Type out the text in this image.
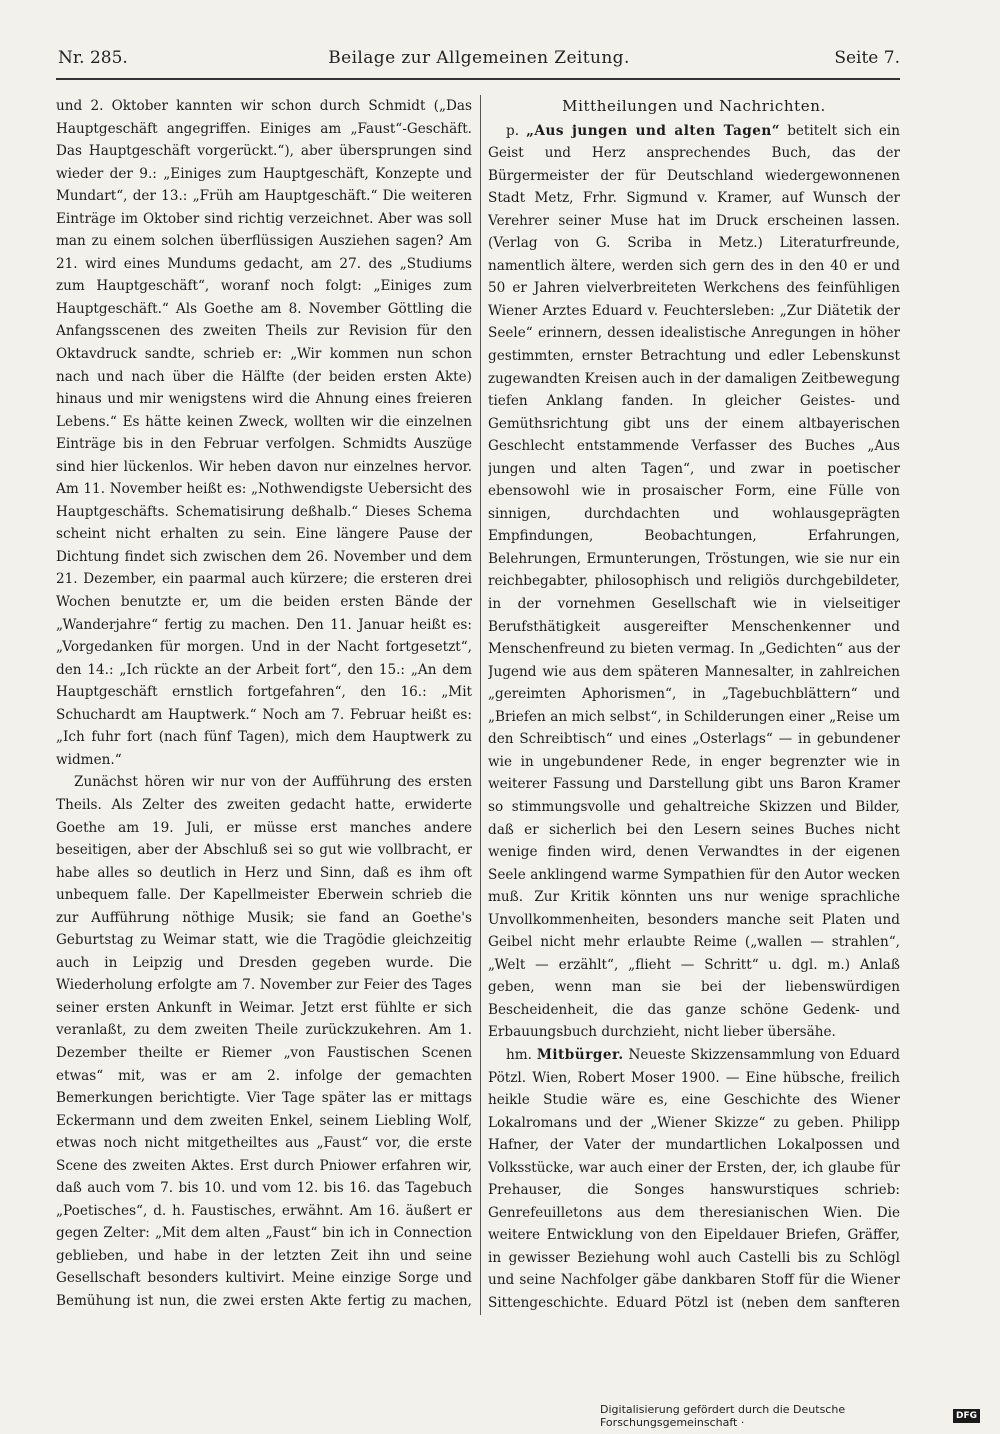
Nr. 285.	Beilage zur Allgemeinen Zeitung.	Seite 7.

und 2. Oktober kannten wir schon durch Schmidt („Das Hauptgeschäft angegriffen. Einiges am „Faust“-Geschäft. Das Hauptgeschäft vorgerückt.“), aber übersprungen sind wieder der 9.: „Einiges zum Hauptgeschäft, Konzepte und Mundart“, der 13.: „Früh am Hauptgeschäft.“ Die weiteren Einträge im Oktober sind richtig verzeichnet. Aber was soll man zu einem solchen überflüssigen Ausziehen sagen? Am 21. wird eines Mundums gedacht, am 27. des „Studiums zum Hauptgeschäft“, woranf noch folgt: „Einiges zum Hauptgeschäft.“ Als Goethe am 8. November Göttling die Anfangsscenen des zweiten Theils zur Revision für den Oktavdruck sandte, schrieb er: „Wir kommen nun schon nach und nach über die Hälfte (der beiden ersten Akte) hinaus und mir wenigstens wird die Ahnung eines freieren Lebens.“ Es hätte keinen Zweck, wollten wir die einzelnen Einträge bis in den Februar verfolgen. Schmidts Auszüge sind hier lückenlos. Wir heben davon nur einzelnes hervor. Am 11. November heißt es: „Nothwendigste Uebersicht des Hauptgeschäfts. Schematisirung deßhalb.“ Dieses Schema scheint nicht erhalten zu sein. Eine längere Pause der Dichtung findet sich zwischen dem 26. November und dem 21. Dezember, ein paarmal auch kürzere; die ersteren drei Wochen benutzte er, um die beiden ersten Bände der „Wanderjahre“ fertig zu machen. Den 11. Januar heißt es: „Vorgedanken für morgen. Und in der Nacht fortgesetzt“, den 14.: „Ich rückte an der Arbeit fort“, den 15.: „An dem Hauptgeschäft ernstlich fortgefahren“, den 16.: „Mit Schuchardt am Hauptwerk.“ Noch am 7. Februar heißt es: „Ich fuhr fort (nach fünf Tagen), mich dem Hauptwerk zu widmen.“

Zunächst hören wir nur von der Aufführung des ersten Theils. Als Zelter des zweiten gedacht hatte, erwiderte Goethe am 19. Juli, er müsse erst manches andere beseitigen, aber der Abschluß sei so gut wie vollbracht, er habe alles so deutlich in Herz und Sinn, daß es ihm oft unbequem falle. Der Kapellmeister Eberwein schrieb die zur Aufführung nöthige Musik; sie fand an Goethe's Geburtstag zu Weimar statt, wie die Tragödie gleichzeitig auch in Leipzig und Dresden gegeben wurde. Die Wiederholung erfolgte am 7. November zur Feier des Tages seiner ersten Ankunft in Weimar. Jetzt erst fühlte er sich veranlaßt, zu dem zweiten Theile zurückzukehren. Am 1. Dezember theilte er Riemer „von Faustischen Scenen etwas“ mit, was er am 2. infolge der gemachten Bemerkungen berichtigte. Vier Tage später las er mittags Eckermann und dem zweiten Enkel, seinem Liebling Wolf, etwas noch nicht mitgetheiltes aus „Faust“ vor, die erste Scene des zweiten Aktes. Erst durch Pniower erfahren wir, daß auch vom 7. bis 10. und vom 12. bis 16. das Tagebuch „Poetisches“, d. h. Faustisches, erwähnt. Am 16. äußert er gegen Zelter: „Mit dem alten „Faust“ bin ich in Connection geblieben, und habe in der letzten Zeit ihn und seine Gesellschaft besonders kultivirt. Meine einzige Sorge und Bemühung ist nun, die zwei ersten Akte fertig zu machen,

Mittheilungen und Nachrichten.

p. „Aus jungen und alten Tagen“ betitelt sich ein Geist und Herz ansprechendes Buch, das der Bürgermeister der für Deutschland wiedergewonnenen Stadt Metz, Frhr. Sigmund v. Kramer, auf Wunsch der Verehrer seiner Muse hat im Druck erscheinen lassen. (Verlag von G. Scriba in Metz.) Literaturfreunde, namentlich ältere, werden sich gern des in den 40 er und 50 er Jahren vielverbreiteten Werkchens des feinfühligen Wiener Arztes Eduard v. Feuchtersleben: „Zur Diätetik der Seele“ erinnern, dessen idealistische Anregungen in höher gestimmten, ernster Betrachtung und edler Lebenskunst zugewandten Kreisen auch in der damaligen Zeitbewegung tiefen Anklang fanden. In gleicher Geistes- und Gemüthsrichtung gibt uns der einem altbayerischen Geschlecht entstammende Verfasser des Buches „Aus jungen und alten Tagen“, und zwar in poetischer ebensowohl wie in prosaischer Form, eine Fülle von sinnigen, durchdachten und wohlausgeprägten Empfindungen, Beobachtungen, Erfahrungen, Belehrungen, Ermunterungen, Tröstungen, wie sie nur ein reichbegabter, philosophisch und religiös durchgebildeter, in der vornehmen Gesellschaft wie in vielseitiger Berufsthätigkeit ausgereifter Menschenkenner und Menschenfreund zu bieten vermag. In „Gedichten“ aus der Jugend wie aus dem späteren Mannesalter, in zahlreichen „gereimten Aphorismen“, in „Tagebuchblättern“ und „Briefen an mich selbst“, in Schilderungen einer „Reise um den Schreibtisch“ und eines „Osterlags“ — in gebundener wie in ungebundener Rede, in enger begrenzter wie in weiterer Fassung und Darstellung gibt uns Baron Kramer so stimmungsvolle und gehaltreiche Skizzen und Bilder, daß er sicherlich bei den Lesern seines Buches nicht wenige finden wird, denen Verwandtes in der eigenen Seele anklingend warme Sympathien für den Autor wecken muß. Zur Kritik könnten uns nur wenige sprachliche Unvollkommenheiten, besonders manche seit Platen und Geibel nicht mehr erlaubte Reime („wallen — strahlen“, „Welt — erzählt“, „flieht — Schritt“ u. dgl. m.) Anlaß geben, wenn man sie bei der liebenswürdigen Bescheidenheit, die das ganze schöne Gedenk- und Erbauungsbuch durchzieht, nicht lieber übersähe.

hm. Mitbürger. Neueste Skizzensammlung von Eduard Pötzl. Wien, Robert Moser 1900. — Eine hübsche, freilich heikle Studie wäre es, eine Geschichte des Wiener Lokalromans und der „Wiener Skizze“ zu geben. Philipp Hafner, der Vater der mundartlichen Lokalpossen und Volksstücke, war auch einer der Ersten, der, ich glaube für Prehauser, die Songes hanswurstiques schrieb: Genrefeuilletons aus dem theresianischen Wien. Die weitere Entwicklung von den Eipeldauer Briefen, Gräffer, in gewisser Beziehung wohl auch Castelli bis zu Schlögl und seine Nachfolger gäbe dankbaren Stoff für die Wiener Sittengeschichte. Eduard Pötzl ist (neben dem sanfteren

Digitalisierung gefördert durch die Deutsche Forschungsgemeinschaft ·	DFG
